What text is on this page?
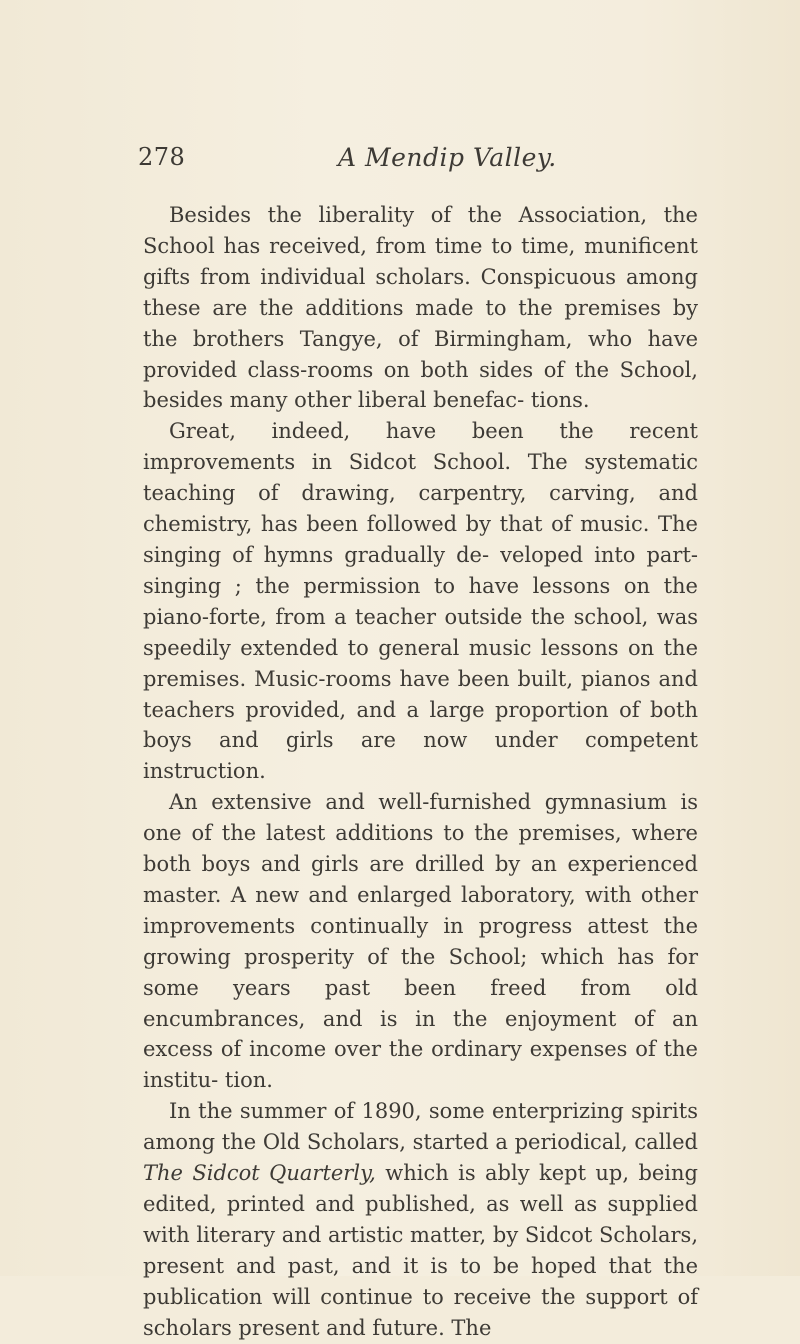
278	A Mendip Valley.

Besides the liberality of the Association, the School has received, from time to time, munificent gifts from individual scholars. Conspicuous among these are the additions made to the premises by the brothers Tangye, of Birmingham, who have provided class-rooms on both sides of the School, besides many other liberal benefac- tions.

Great, indeed, have been the recent improvements in Sidcot School. The systematic teaching of drawing, carpentry, carving, and chemistry, has been followed by that of music. The singing of hymns gradually de- veloped into part-singing ; the permission to have lessons on the piano-forte, from a teacher outside the school, was speedily extended to general music lessons on the premises. Music-rooms have been built, pianos and teachers provided, and a large proportion of both boys and girls are now under competent instruction.

An extensive and well-furnished gymnasium is one of the latest additions to the premises, where both boys and girls are drilled by an experienced master. A new and enlarged laboratory, with other improvements continually in progress attest the growing prosperity of the School; which has for some years past been freed from old encumbrances, and is in the enjoyment of an excess of income over the ordinary expenses of the institu- tion.

In the summer of 1890, some enterprizing spirits among the Old Scholars, started a periodical, called The Sidcot Quarterly, which is ably kept up, being edited, printed and published, as well as supplied with literary and artistic matter, by Sidcot Scholars, present and past, and it is to be hoped that the publication will continue to receive the support of scholars present and future. The
